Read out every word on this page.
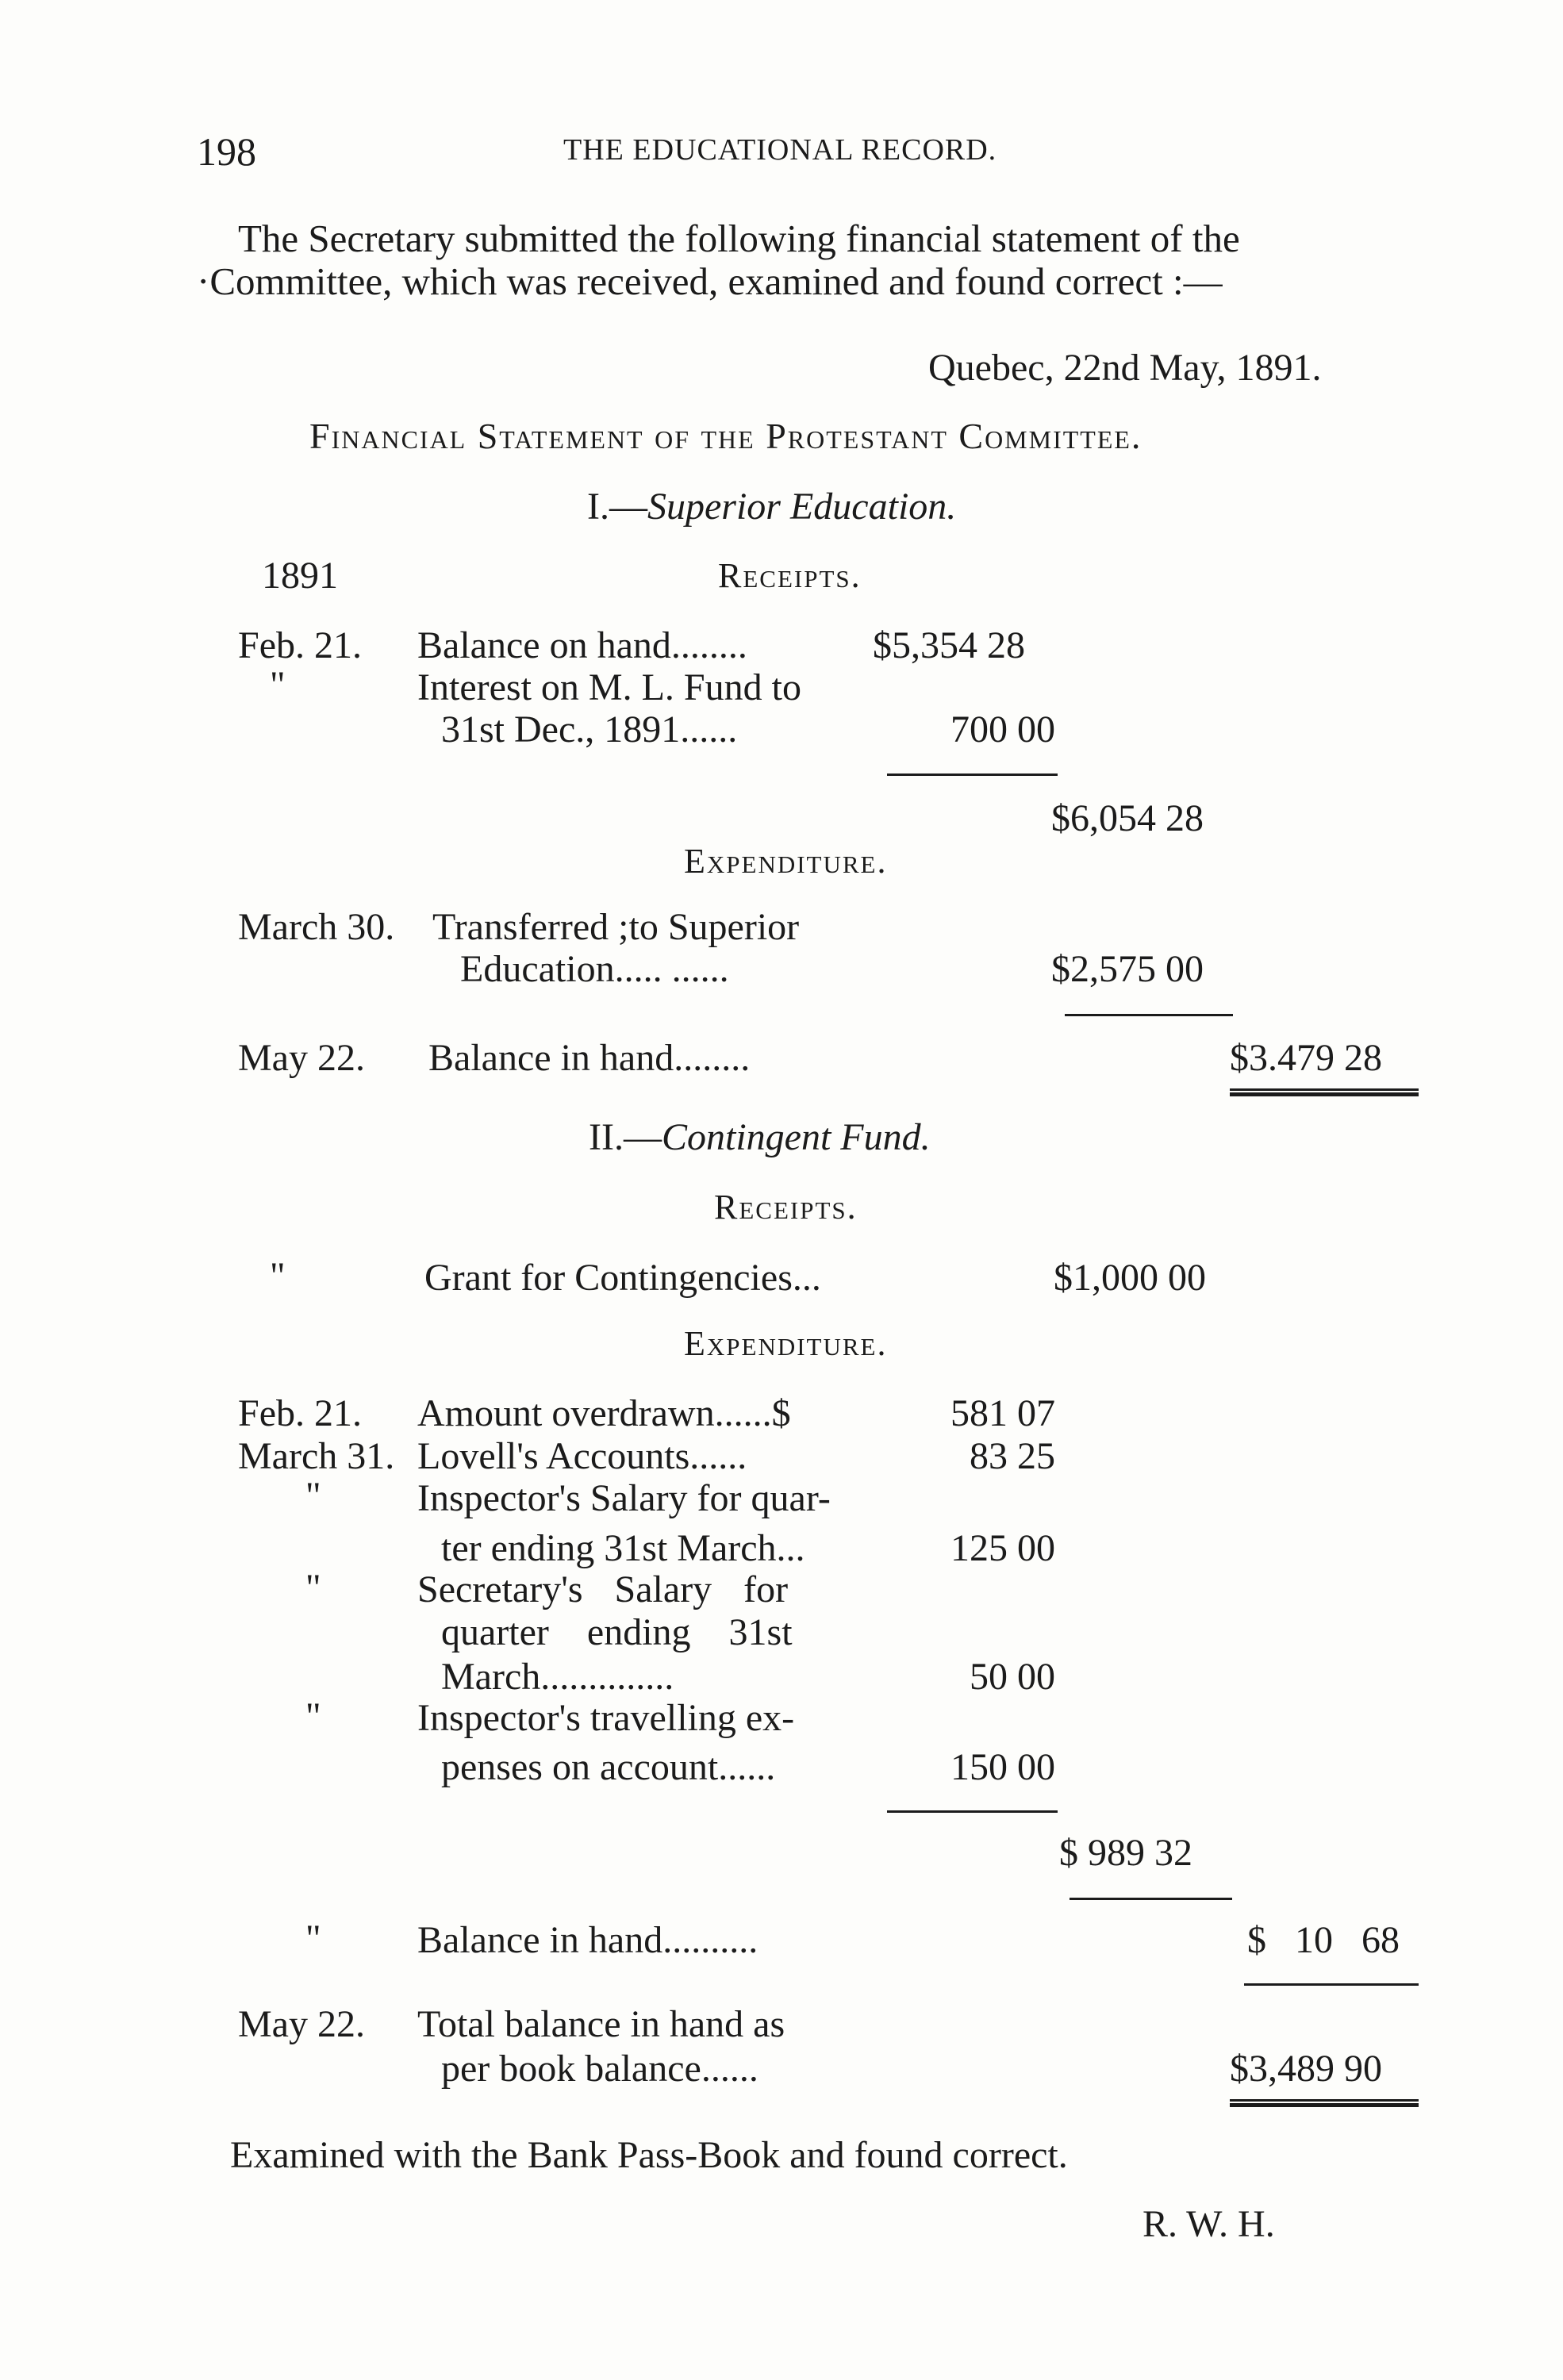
198	THE EDUCATIONAL RECORD.
The Secretary submitted the following financial statement of the
·Committee, which was received, examined and found correct :—
Quebec, 22nd May, 1891.
Financial Statement of the Protestant Committee.
I.—Superior Education.
1891	Receipts.
Feb. 21. Balance on hand........	$5,354 28
"	Interest on M. L. Fund to
31st Dec., 1891......	700 00
$6,054 28
Expenditure.
March 30. Transferred ;to Superior
Education..... ......	$2,575 00
May 22. Balance in hand........	$3.479 28
II.—Contingent Fund.
Receipts.
"	Grant for Contingencies...	$1,000 00
Expenditure.
Feb. 21. Amount overdrawn......$	581 07
March 31. Lovell's Accounts......	83 25
"	Inspector's Salary for quar-
ter ending 31st March...	125 00
"	Secretary's Salary for
quarter ending 31st
March..............	50 00
"	Inspector's travelling ex-
penses on account......	150 00
$ 989 32
"	Balance in hand..........	$ 10 68
May 22. Total balance in hand as
per book balance......	$3,489 90
Examined with the Bank Pass-Book and found correct.
R. W. H.
